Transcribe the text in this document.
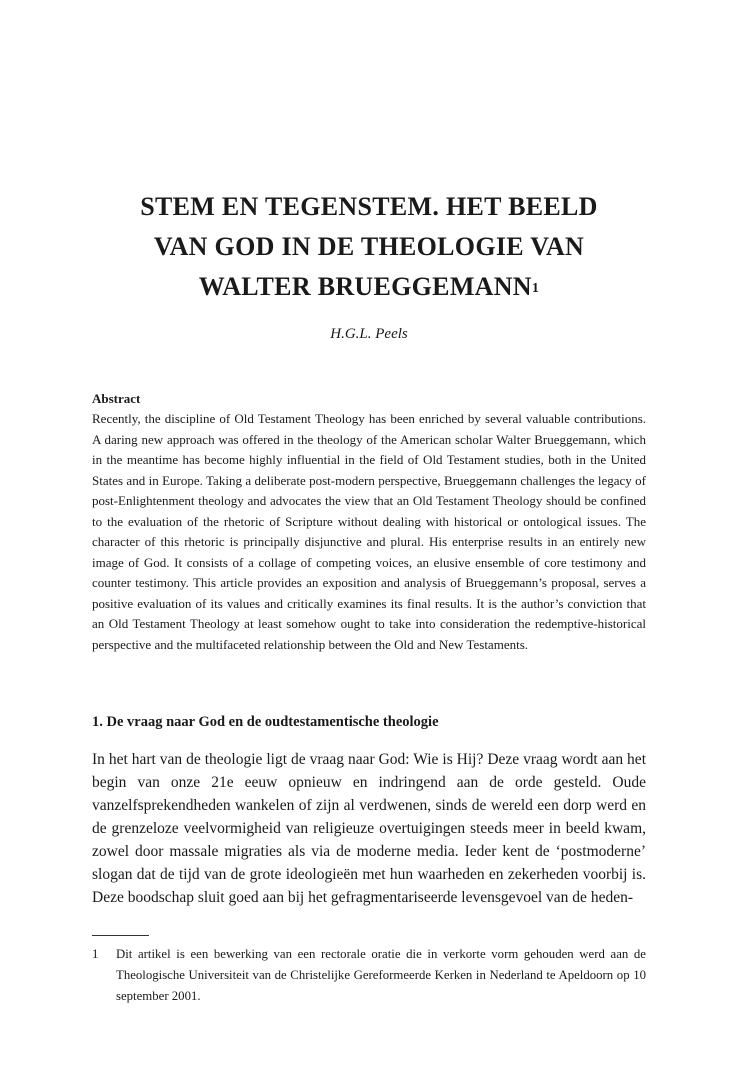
STEM EN TEGENSTEM. HET BEELD
VAN GOD IN DE THEOLOGIE VAN
WALTER BRUEGGEMANN$^1$
H.G.L. Peels

Abstract

Recently, the discipline of Old Testament Theology has been enriched by several valuable contributions. A daring new approach was offered in the theology of the American scholar Walter Brueggemann, which in the meantime has become highly influential in the field of Old Testament studies, both in the United States and in Europe. Taking a deliberate post-modern perspective, Brueggemann challenges the legacy of post-Enlightenment theology and advocates the view that an Old Testament Theology should be confined to the evaluation of the rhetoric of Scripture without dealing with historical or ontological issues. The character of this rhetoric is principally disjunctive and plural. His enterprise results in an entirely new image of God. It consists of a collage of competing voices, an elusive ensemble of core testimony and counter testimony. This article provides an exposition and analysis of Brueggemann’s proposal, serves a positive evaluation of its values and critically examines its final results. It is the author’s conviction that an Old Testament Theology at least somehow ought to take into consideration the redemptive-historical perspective and the multifaceted relationship between the Old and New Testaments.

1. De vraag naar God en de oudtestamentische theologie

In het hart van de theologie ligt de vraag naar God: Wie is Hij? Deze vraag wordt aan het begin van onze 21e eeuw opnieuw en indringend aan de orde gesteld. Oude vanzelfsprekendheden wankelen of zijn al verdwenen, sinds de wereld een dorp werd en de grenzeloze veelvormigheid van religieuze overtuigingen steeds meer in beeld kwam, zowel door massale migraties als via de moderne media. Ieder kent de ‘postmoderne’ slogan dat de tijd van de grote ideologieën met hun waarheden en zekerheden voorbij is. Deze boodschap sluit goed aan bij het gefragmentariseerde levensgevoel van de heden-

1 Dit artikel is een bewerking van een rectorale oratie die in verkorte vorm gehouden werd aan de Theologische Universiteit van de Christelijke Gereformeerde Kerken in Nederland te Apeldoorn op 10 september 2001.
